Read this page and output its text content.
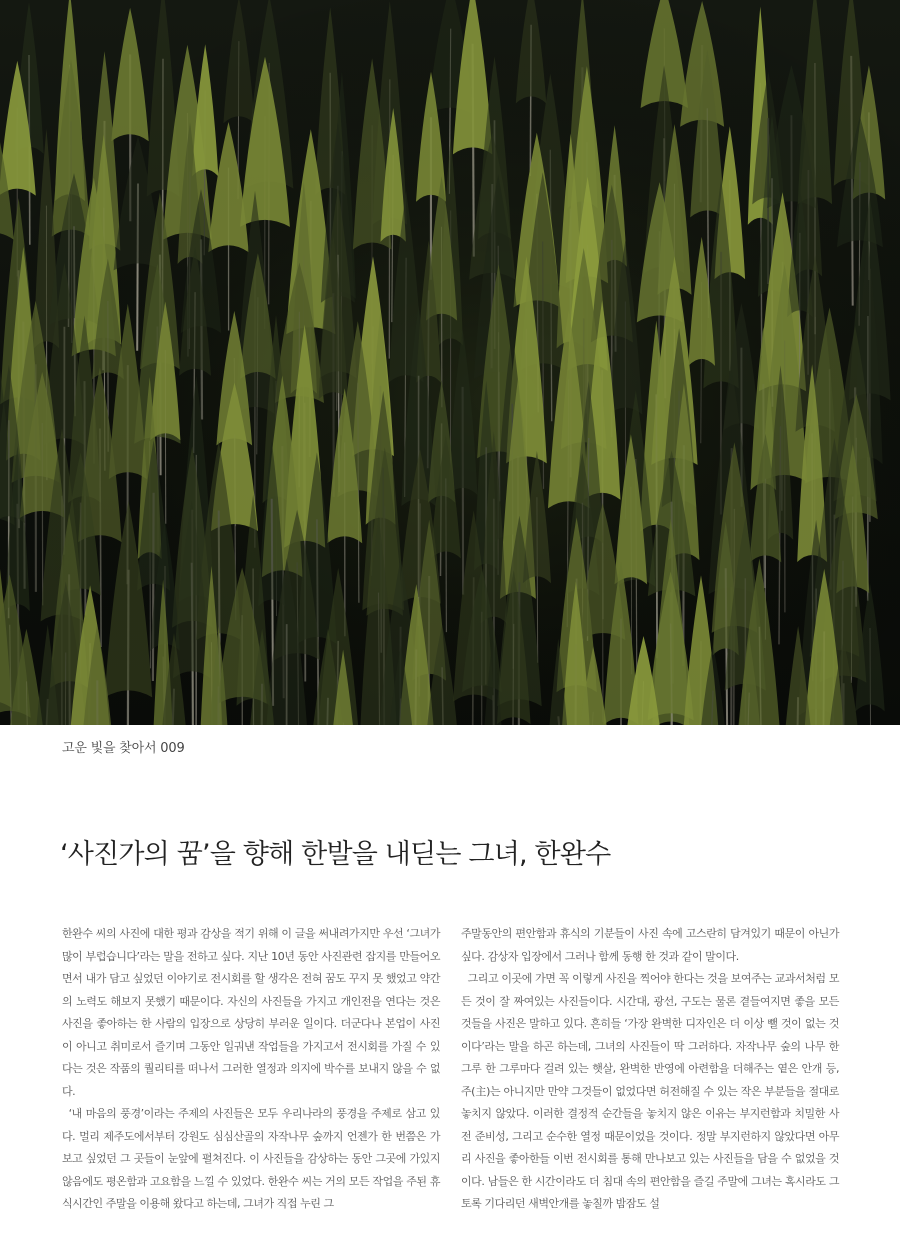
고운 빛을 찾아서 009
‘사진가의 꿈’을 향해 한발을 내딛는 그녀, 한완수

한완수 씨의 사진에 대한 평과 감상을 적기 위해 이 글을 써내려가지만 우선 ‘그녀가 많이 부럽습니다’라는 말을 전하고 싶다. 지난 10년 동안 사진관련 잡지를 만들어오면서 내가 담고 싶었던 이야기로 전시회를 할 생각은 전혀 꿈도 꾸지 못 했었고 약간의 노력도 해보지 못했기 때문이다. 자신의 사진들을 가지고 개인전을 연다는 것은 사진을 좋아하는 한 사람의 입장으로 상당히 부러운 일이다. 더군다나 본업이 사진이 아니고 취미로서 즐기며 그동안 일궈낸 작업들을 가지고서 전시회를 가질 수 있다는 것은 작품의 퀄리티를 떠나서 그러한 열정과 의지에 박수를 보내지 않을 수 없다.

‘내 마음의 풍경’이라는 주제의 사진들은 모두 우리나라의 풍경을 주제로 삼고 있다. 멀리 제주도에서부터 강원도 심심산골의 자작나무 숲까지 언젠가 한 번쯤은 가보고 싶었던 그 곳들이 눈앞에 펼쳐진다. 이 사진들을 감상하는 동안 그곳에 가있지 않음에도 평온함과 고요함을 느낄 수 있었다. 한완수 씨는 거의 모든 작업을 주된 휴식시간인 주말을 이용해 왔다고 하는데, 그녀가 직접 누린 그

주말동안의 편안함과 휴식의 기분들이 사진 속에 고스란히 담겨있기 때문이 아닌가 싶다. 감상자 입장에서 그러나 함께 동행 한 것과 같이 말이다.

그리고 이곳에 가면 꼭 이렇게 사진을 찍어야 한다는 것을 보여주는 교과서처럼 모든 것이 잘 짜여있는 사진들이다. 시간대, 광선, 구도는 물론 곁들여지면 좋을 모든 것들을 사진은 말하고 있다. 흔히들 ‘가장 완벽한 디자인은 더 이상 뺄 것이 없는 것이다’라는 말을 하곤 하는데, 그녀의 사진들이 딱 그러하다. 자작나무 숲의 나무 한 그루 한 그루마다 걸려 있는 햇살, 완벽한 반영에 아련함을 더해주는 옅은 안개 등, 주(主)는 아니지만 만약 그것들이 없었다면 허전해질 수 있는 작은 부분들을 절대로 놓치지 않았다. 이러한 결정적 순간들을 놓치지 않은 이유는 부지런함과 치밀한 사전 준비성, 그리고 순수한 열정 때문이었을 것이다. 정말 부지런하지 않았다면 아무리 사진을 좋아한들 이번 전시회를 통해 만나보고 있는 사진들을 담을 수 없었을 것이다. 남들은 한 시간이라도 더 침대 속의 편안함을 즐길 주말에 그녀는 혹시라도 그토록 기다리던 새벽안개를 놓칠까 밤잠도 설
